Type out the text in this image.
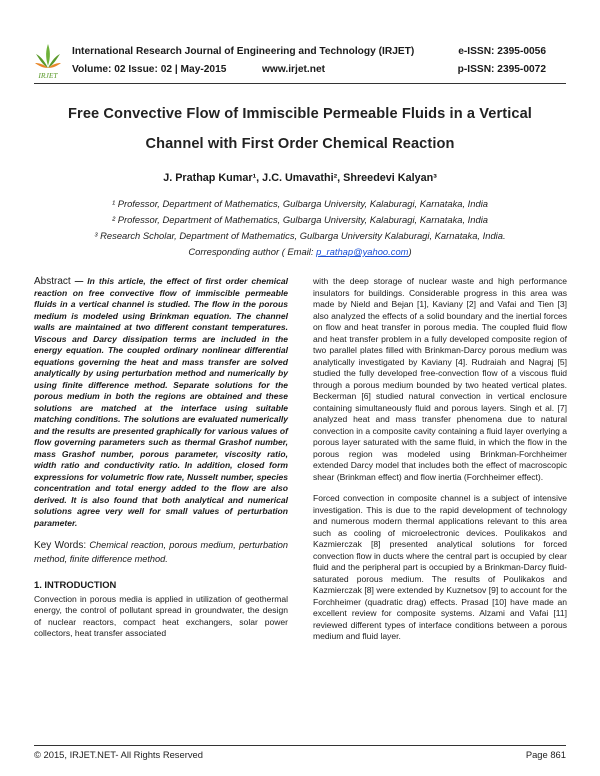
IRJET
International Research Journal of Engineering and Technology (IRJET)
Volume: 02 Issue: 02 | May-2015	www.irjet.net
e-ISSN: 2395-0056
p-ISSN: 2395-0072
Free Convective Flow of Immiscible Permeable Fluids in a Vertical
Channel with First Order Chemical Reaction
J. Prathap Kumar¹, J.C. Umavathi², Shreedevi Kalyan³
¹ Professor, Department of Mathematics, Gulbarga University, Kalaburagi, Karnataka, India
² Professor, Department of Mathematics, Gulbarga University, Kalaburagi, Karnataka, India
³ Research Scholar, Department of Mathematics, Gulbarga University Kalaburagi, Karnataka, India.
Corresponding author ( Email: p_rathap@yahoo.com)
Abstract — In this article, the effect of first order chemical reaction on free convective flow of immiscible permeable fluids in a vertical channel is studied. The flow in the porous medium is modeled using Brinkman equation. The channel walls are maintained at two different constant temperatures. Viscous and Darcy dissipation terms are included in the energy equation. The coupled ordinary nonlinear differential equations governing the heat and mass transfer are solved analytically by using perturbation method and numerically by using finite difference method. Separate solutions for the porous medium in both the regions are obtained and these solutions are matched at the interface using suitable matching conditions. The solutions are evaluated numerically and the results are presented graphically for various values of flow governing parameters such as thermal Grashof number, mass Grashof number, porous parameter, viscosity ratio, width ratio and conductivity ratio. In addition, closed form expressions for volumetric flow rate, Nusselt number, species concentration and total energy added to the flow are also derived. It is also found that both analytical and numerical solutions agree very well for small values of perturbation parameter.
Key Words: Chemical reaction, porous medium, perturbation method, finite difference method.
1. INTRODUCTION
Convection in porous media is applied in utilization of geothermal energy, the control of pollutant spread in groundwater, the design of nuclear reactors, compact heat exchangers, solar power collectors, heat transfer associated

with the deep storage of nuclear waste and high performance insulators for buildings. Considerable progress in this area was made by Nield and Bejan [1], Kaviany [2] and Vafai and Tien [3] also analyzed the effects of a solid boundary and the inertial forces on flow and heat transfer in porous media. The coupled fluid flow and heat transfer problem in a fully developed composite region of two parallel plates filled with Brinkman-Darcy porous medium was analytically investigated by Kaviany [4]. Rudraiah and Nagraj [5] studied the fully developed free-convection flow of a viscous fluid through a porous medium bounded by two heated vertical plates. Beckerman [6] studied natural convection in vertical enclosure containing simultaneously fluid and porous layers. Singh et al. [7] analyzed heat and mass transfer phenomena due to natural convection in a composite cavity containing a fluid layer overlying a porous layer saturated with the same fluid, in which the flow in the porous region was modeled using Brinkman-Forchheimer extended Darcy model that includes both the effect of macroscopic shear (Brinkman effect) and flow inertia (Forchheimer effect).

Forced convection in composite channel is a subject of intensive investigation. This is due to the rapid development of technology and numerous modern thermal applications relevant to this area such as cooling of microelectronic devices. Poulikakos and Kazmierczak [8] presented analytical solutions for forced convection flow in ducts where the central part is occupied by clear fluid and the peripheral part is occupied by a Brinkman-Darcy fluid-saturated porous medium. The results of Poulikakos and Kazmierczak [8] were extended by Kuznetsov [9] to account for the Forchheimer (quadratic drag) effects. Prasad [10] have made an excellent review for composite systems. Alzami and Vafai [11] reviewed different types of interface conditions between a porous medium and fluid layer.

© 2015, IRJET.NET- All Rights Reserved	Page 861
